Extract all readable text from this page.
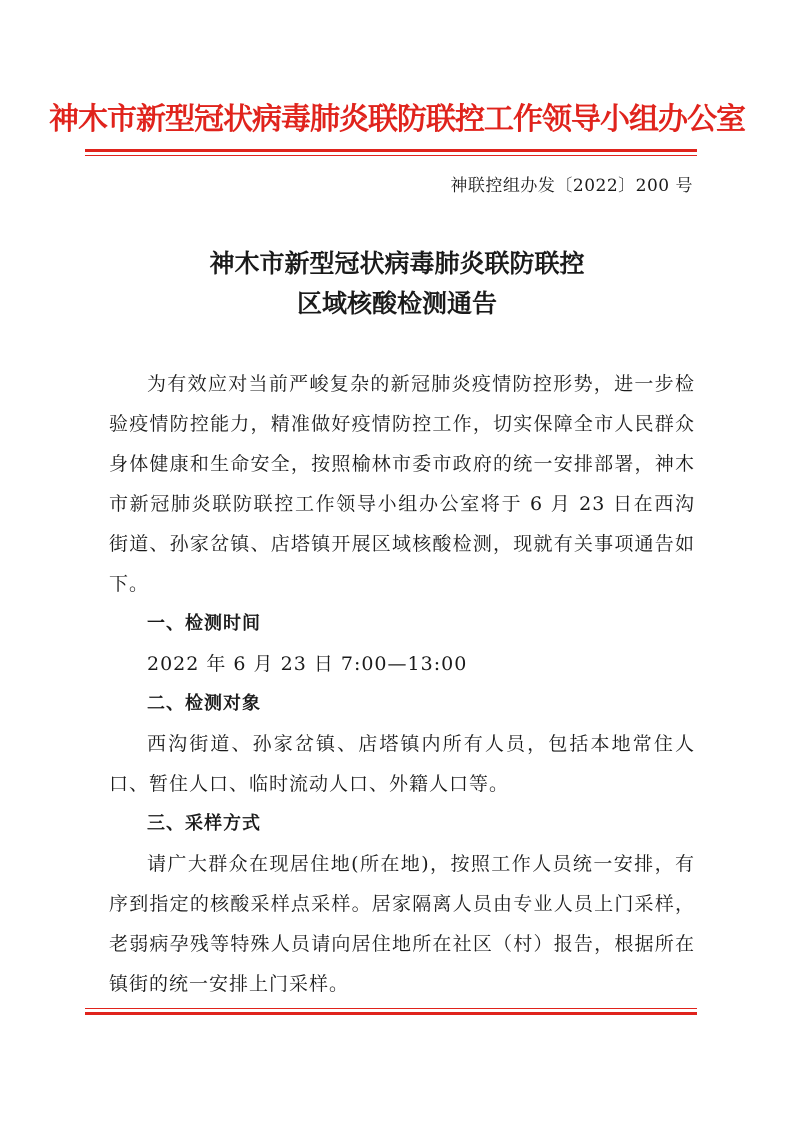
神木市新型冠状病毒肺炎联防联控工作领导小组办公室
神联控组办发〔2022〕200 号
神木市新型冠状病毒肺炎联防联控
区域核酸检测通告

为有效应对当前严峻复杂的新冠肺炎疫情防控形势，进一步检验疫情防控能力，精准做好疫情防控工作，切实保障全市人民群众身体健康和生命安全，按照榆林市委市政府的统一安排部署，神木市新冠肺炎联防联控工作领导小组办公室将于 6 月 23 日在西沟街道、孙家岔镇、店塔镇开展区域核酸检测，现就有关事项通告如下。

一、检测时间

2022 年 6 月 23 日 7:00—13:00

二、检测对象

西沟街道、孙家岔镇、店塔镇内所有人员，包括本地常住人口、暂住人口、临时流动人口、外籍人口等。

三、采样方式

请广大群众在现居住地(所在地)，按照工作人员统一安排，有序到指定的核酸采样点采样。居家隔离人员由专业人员上门采样，老弱病孕残等特殊人员请向居住地所在社区（村）报告，根据所在镇街的统一安排上门采样。
